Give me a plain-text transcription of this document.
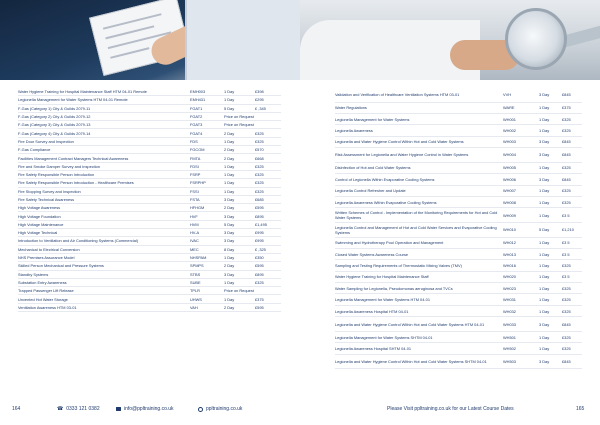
Water Hygiene Training for Hospital Maintenance Staff HTM 04-01 Remote	EMH003	1 Day	£398
Legionella Management for Water Systems HTM 04-01 Remote	EMH431	1 Day	£295
F-Gas (Category 1) City & Guilds 2079-11	FGAT1	5 Day	£ ,345
F-Gas (Category 2) City & Guilds 2079-12	FGAT2	Price on Request
F-Gas (Category 3) City & Guilds 2079-13	FGAT3	Price on Request
F-Gas (Category 4) City & Guilds 2079-14	FGAT4	2 Day	£325
Fire Door Survey and Inspection	FDS	1 Day	£325
F-Gas Compliance	FGCOM	2 Day	£570
Facilities Management Contract Managers Technical Awareness	FMTA	2 Day	£668
Fire and Smoke Damper Survey and Inspection	FDSI	1 Day	£325
Fire Safety Responsible Person Introduction	FSRP	1 Day	£325
Fire Safety Responsible Person Introduction - Healthcare Premises	FSRPHP	1 Day	£325
Fire Stopping Survey and Inspection	FSSI	1 Day	£325
Fire Safety Technical Awareness	FSTA	3 Day	£685
High Voltage Awareness	HFHGM	2 Day	£595
High Voltage Foundation	HVF	3 Day	£895
High Voltage Maintenance	HVM	5 Day	£1,495
High Voltage Technical	HV-A	3 Day	£995
Introduction to Ventilation and Air Conditioning Systems (Commercial)	IVAC	3 Day	£995
Mechanical to Electrical Conversion	MEC	8 Day	£ ,325
NHS Premises Assurance Model	NHSPAM	1 Day	£350
Skilled Person Mechanical and Pressure Systems	SPMPS	2 Day	£595
Standby Systems	STBS	3 Day	£895
Substation Entry Awareness	SUBE	1 Day	£325
Trapped Passenger Lift Release	TPLR	Price on Request
Unvented Hot Water Storage	UHWS	1 Day	£375
Ventilation Awareness HTM 03-01	VAH	2 Day	£595
Validation and Verification of Healthcare Ventilation Systems HTM 03-01	VVH	3 Day	£845
Water Regulations	WARE	1 Day	£375
Legionella Management for Water Systems	WH001	1 Day	£325
Legionella Awareness	WH002	1 Day	£325
Legionella and Water Hygiene Control Within Hot and Cold Water Systems	WH003	3 Day	£845
Risk Assessment for Legionella and Water Hygiene Control in Water Systems	WH004	3 Day	£845
Disinfection of Hot and Cold Water Systems	WH005	1 Day	£325
Control of Legionella Within Evaporative Cooling Systems	WH006	3 Day	£845
Legionella Control Refresher and Update	WH007	1 Day	£325
Legionella Awareness Within Evaporative Cooling Systems	WH008	1 Day	£325
Written Schemes of Control - Implementation of the Monitoring Requirements for Hot and Cold Water Systems	WH009	1 Day	£3 5
Legionella Control and Management of Hot and Cold Water Services and Evaporative Cooling Systems	WH010	5 Day	£1,210
Swimming and Hydrotherapy Pool Operation and Management	WH012	1 Day	£3 5
Closed Water Systems Awareness Course	WH013	1 Day	£3 5
Sampling and Testing Requirements of Thermostatic Mixing Valves (TMV)	WH016	1 Day	£325
Water Hygiene Training for Hospital Maintenance Staff	WH020	1 Day	£3 5
Water Sampling for Legionella, Pseudomonas aeruginosa and TVCs	WH023	1 Day	£325
Legionella Management for Water Systems HTM 04-01	WH031	1 Day	£325
Legionella Awareness Hospital HTM 04-01	WH032	1 Day	£325
Legionella and Water Hygiene Control Within Hot and Cold Water Systems HTM 04-01	WH033	3 Day	£845
Legionella Management for Water Systems SHTM 04-01	WH501	1 Day	£325
Legionella Awareness Hospital SHTM 04-01	WH502	1 Day	£325
Legionella and Water Hygiene Control Within Hot and Cold Water Systems SHTM 04-01	WH503	3 Day	£845
164	☎ 0333 121 0382	info@ppltraining.co.uk	ppltraining.co.uk	Please Visit ppltraining.co.uk for our Latest Course Dates	165
